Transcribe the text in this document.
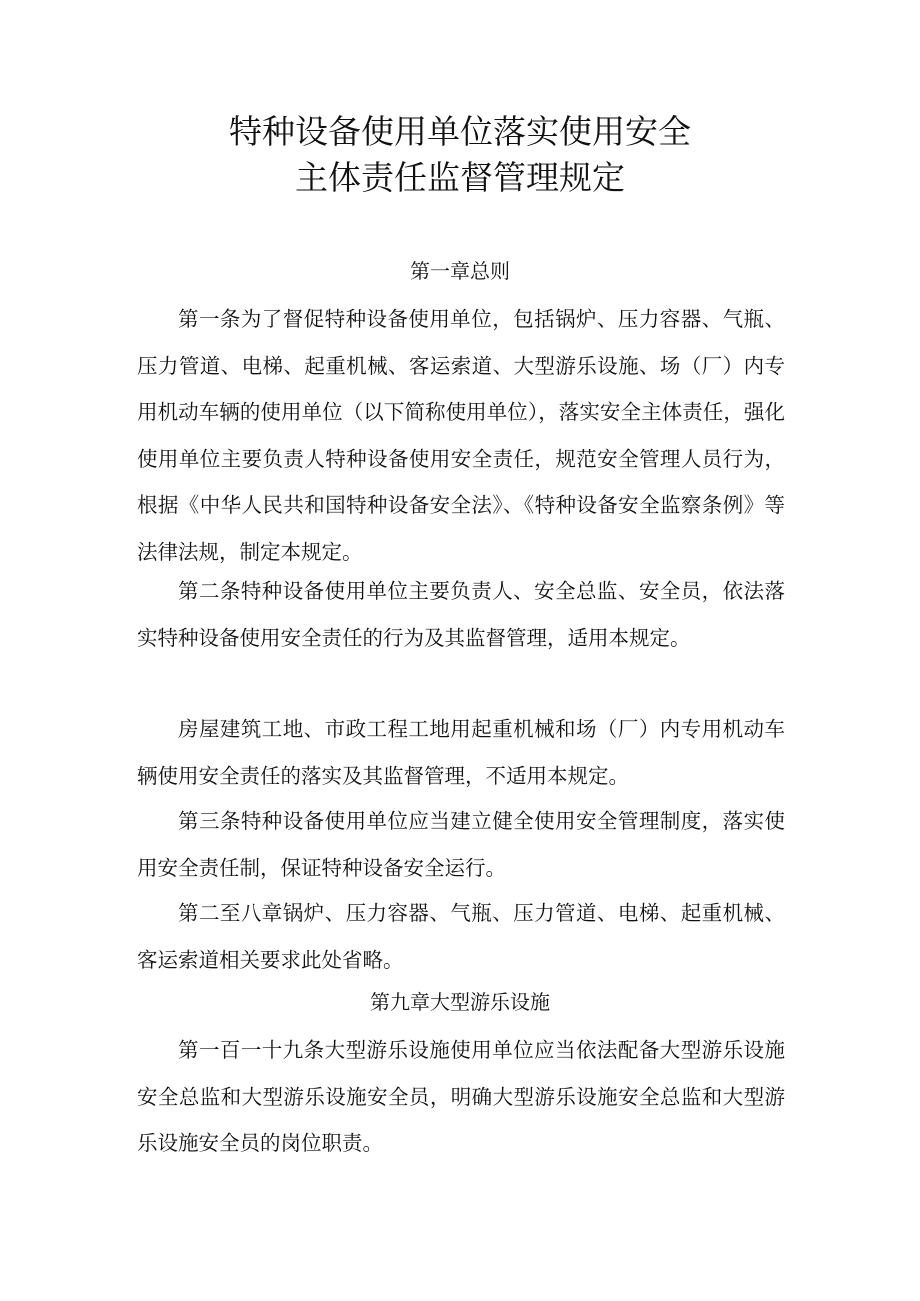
特种设备使用单位落实使用安全
主体责任监督管理规定
第一章总则

第一条为了督促特种设备使用单位，包括锅炉、压力容器、气瓶、压力管道、电梯、起重机械、客运索道、大型游乐设施、场（厂）内专用机动车辆的使用单位（以下简称使用单位），落实安全主体责任，强化使用单位主要负责人特种设备使用安全责任，规范安全管理人员行为，根据《中华人民共和国特种设备安全法》、《特种设备安全监察条例》等法律法规，制定本规定。

第二条特种设备使用单位主要负责人、安全总监、安全员，依法落实特种设备使用安全责任的行为及其监督管理，适用本规定。

房屋建筑工地、市政工程工地用起重机械和场（厂）内专用机动车辆使用安全责任的落实及其监督管理，不适用本规定。

第三条特种设备使用单位应当建立健全使用安全管理制度，落实使用安全责任制，保证特种设备安全运行。

第二至八章锅炉、压力容器、气瓶、压力管道、电梯、起重机械、客运索道相关要求此处省略。

第九章大型游乐设施

第一百一十九条大型游乐设施使用单位应当依法配备大型游乐设施安全总监和大型游乐设施安全员，明确大型游乐设施安全总监和大型游乐设施安全员的岗位职责。
